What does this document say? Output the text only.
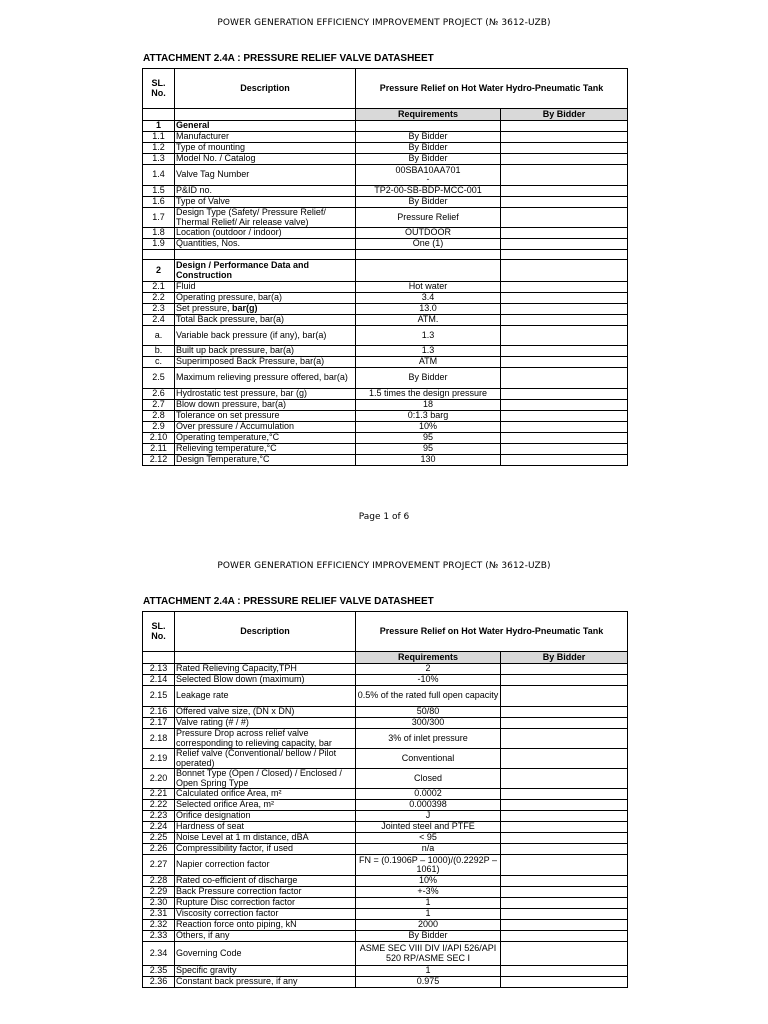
POWER GENERATION EFFICIENCY IMPROVEMENT PROJECT (№ 3612-UZB)
ATTACHMENT 2.4A : PRESSURE RELIEF VALVE DATASHEET
SL. No.	Description	Pressure Relief on Hot Water Hydro-Pneumatic Tank	
		Requirements	By Bidder
1	General		
1.1	Manufacturer	By Bidder	
1.2	Type of mounting	By Bidder	
1.3	Model No. / Catalog	By Bidder	
1.4	Valve Tag Number	00SBA10AA701
-	

1.5	P&ID no.	TP2-00-SB-BDP-MCC-001	
1.6	Type of Valve	By Bidder	
1.7	Design Type (Safety/ Pressure Relief/ Thermal Relief/ Air release valve)	Pressure Relief	
1.8	Location (outdoor / indoor)	OUTDOOR	
1.9	Quantities, Nos.	One (1)	

2	Design / Performance Data and Construction		
2.1	Fluid	Hot water	
2.2	Operating pressure, bar(a)	3.4	
2.3	Set pressure, bar(g)	13.0	
2.4	Total Back pressure, bar(a)	ATM.	
a.	Variable back pressure (if any), bar(a)	1.3	
b.	Built up back pressure, bar(a)	1.3	
c.	Superimposed Back Pressure, bar(a)	ATM	
2.5	Maximum relieving pressure offered, bar(a)	By Bidder	
2.6	Hydrostatic test pressure, bar (g)	1.5 times the design pressure	
2.7	Blow down pressure, bar(a)	18	
2.8	Tolerance on set pressure	0:1.3 barg	
2.9	Over pressure / Accumulation	10%	
2.10	Operating temperature,°C	95	
2.11	Relieving temperature,°C	95	
2.12	Design Temperature,°C	130	
Page 1 of 6
POWER GENERATION EFFICIENCY IMPROVEMENT PROJECT (№ 3612-UZB)
ATTACHMENT 2.4A : PRESSURE RELIEF VALVE DATASHEET
SL. No.	Description	Pressure Relief on Hot Water Hydro-Pneumatic Tank	
		Requirements	By Bidder
2.13	Rated Relieving Capacity,TPH	2	
2.14	Selected Blow down (maximum)	-10%	
2.15	Leakage rate	0.5% of the rated full open capacity	
2.16	Offered valve size, (DN x DN)	50/80	
2.17	Valve rating (# / #)	300/300	
2.18	Pressure Drop across relief valve corresponding to relieving capacity, bar	3% of inlet pressure	
2.19	Relief valve (Conventional/ bellow / Pilot operated)	Conventional	
2.20	Bonnet Type (Open / Closed) / Enclosed / Open Spring Type	Closed	
2.21	Calculated orifice Area, m²	0.0002	
2.22	Selected orifice Area, m²	0.000398	
2.23	Orifice designation	J	
2.24	Hardness of seat	Jointed steel and PTFE	
2.25	Noise Level at 1 m distance, dBA	< 95	
2.26	Compressibility factor, if used	n/a	
2.27	Napier correction factor	FN = (0.1906P – 1000)/(0.2292P – 1061)	
2.28	Rated co-efficient of discharge	10%	
2.29	Back Pressure correction factor	+-3%	
2.30	Rupture Disc correction factor	1	
2.31	Viscosity correction factor	1	
2.32	Reaction force onto piping, kN	2000	
2.33	Others, if any	By Bidder	
2.34	Governing Code	ASME SEC VIII DIV I/API 526/API 520 RP/ASME SEC I	
2.35	Specific gravity	1	
2.36	Constant back pressure, if any	0.975	
